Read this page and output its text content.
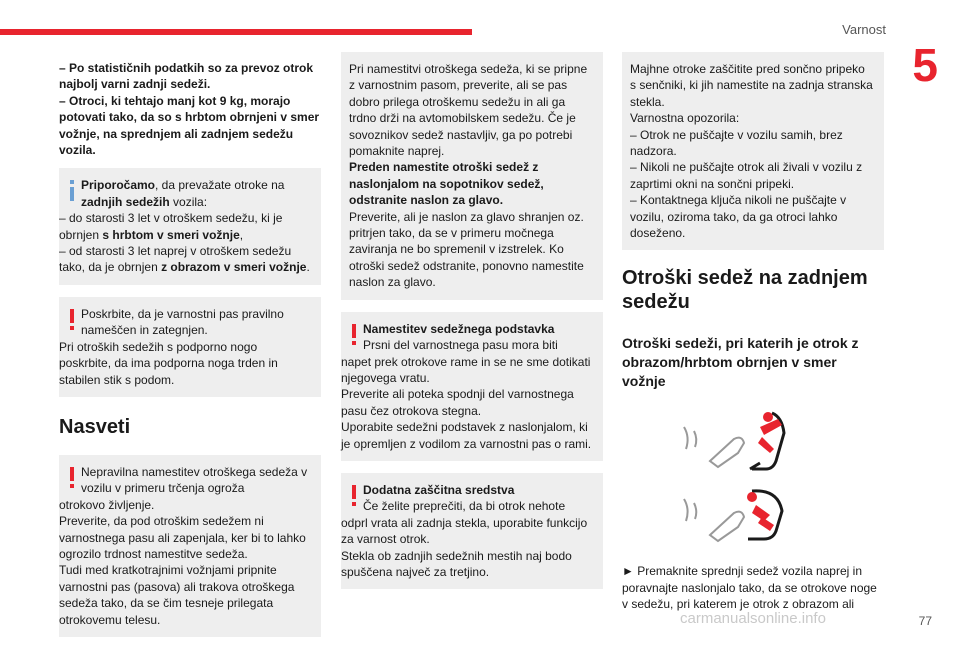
Varnost
5

– Po statističnih podatkih so za prevoz otrok najbolj varni zadnji sedeži.
– Otroci, ki tehtajo manj kot 9 kg, morajo potovati tako, da so s hrbtom obrnjeni v smer vožnje, na sprednjem ali zadnjem sedežu vozila.

Priporočamo, da prevažate otroke na zadnjih sedežih vozila:

– do starosti 3 let v otroškem sedežu, ki je obrnjen s hrbtom v smeri vožnje,
– od starosti 3 let naprej v otroškem sedežu tako, da je obrnjen z obrazom v smeri vožnje.

Poskrbite, da je varnostni pas pravilno nameščen in zategnjen.

Pri otroških sedežih s podporno nogo poskrbite, da ima podporna noga trden in stabilen stik s podom.

Nasveti

Nepravilna namestitev otroškega sedeža v vozilu v primeru trčenja ogroža

otrokovo življenje.
Preverite, da pod otroškim sedežem ni varnostnega pasu ali zapenjala, ker bi to lahko ogrozilo trdnost namestitve sedeža.
Tudi med kratkotrajnimi vožnjami pripnite varnostni pas (pasova) ali trakova otroškega sedeža tako, da se čim tesneje prilegata otrokovemu telesu.

Pri namestitvi otroškega sedeža, ki se pripne z varnostnim pasom, preverite, ali se pas dobro prilega otroškemu sedežu in ali ga trdno drži na avtomobilskem sedežu. Če je sovoznikov sedež nastavljiv, ga po potrebi pomaknite naprej.

Preden namestite otroški sedež z naslonjalom na sopotnikov sedež, odstranite naslon za glavo.

Preverite, ali je naslon za glavo shranjen oz. pritrjen tako, da se v primeru močnega zaviranja ne bo spremenil v izstrelek. Ko otroški sedež odstranite, ponovno namestite naslon za glavo.

Namestitev sedežnega podstavka

Prsni del varnostnega pasu mora biti

napet prek otrokove rame in se ne sme dotikati njegovega vratu.
Preverite ali poteka spodnji del varnostnega pasu čez otrokova stegna.
Uporabite sedežni podstavek z naslonjalom, ki je opremljen z vodilom za varnostni pas o rami.

Dodatna zaščitna sredstva

Če želite preprečiti, da bi otrok nehote

odprl vrata ali zadnja stekla, uporabite funkcijo za varnost otrok.
Stekla ob zadnjih sedežnih mestih naj bodo spuščena največ za tretjino.

Majhne otroke zaščitite pred sončno pripeko s senčniki, ki jih namestite na zadnja stranska stekla.
Varnostna opozorila:
– Otrok ne puščajte v vozilu samih, brez nadzora.
– Nikoli ne puščajte otrok ali živali v vozilu z zaprtimi okni na sončni pripeki.
– Kontaktnega ključa nikoli ne puščajte v vozilu, oziroma tako, da ga otroci lahko doseženo.

Otroški sedež na zadnjem sedežu
Otroški sedeži, pri katerih je otrok z obrazom/hrbtom obrnjen v smer vožnje

► Premaknite sprednji sedež vozila naprej in poravnajte naslonjalo tako, da se otrokove noge v sedežu, pri katerem je otrok z obrazom ali

77
carmanualsonline.info
